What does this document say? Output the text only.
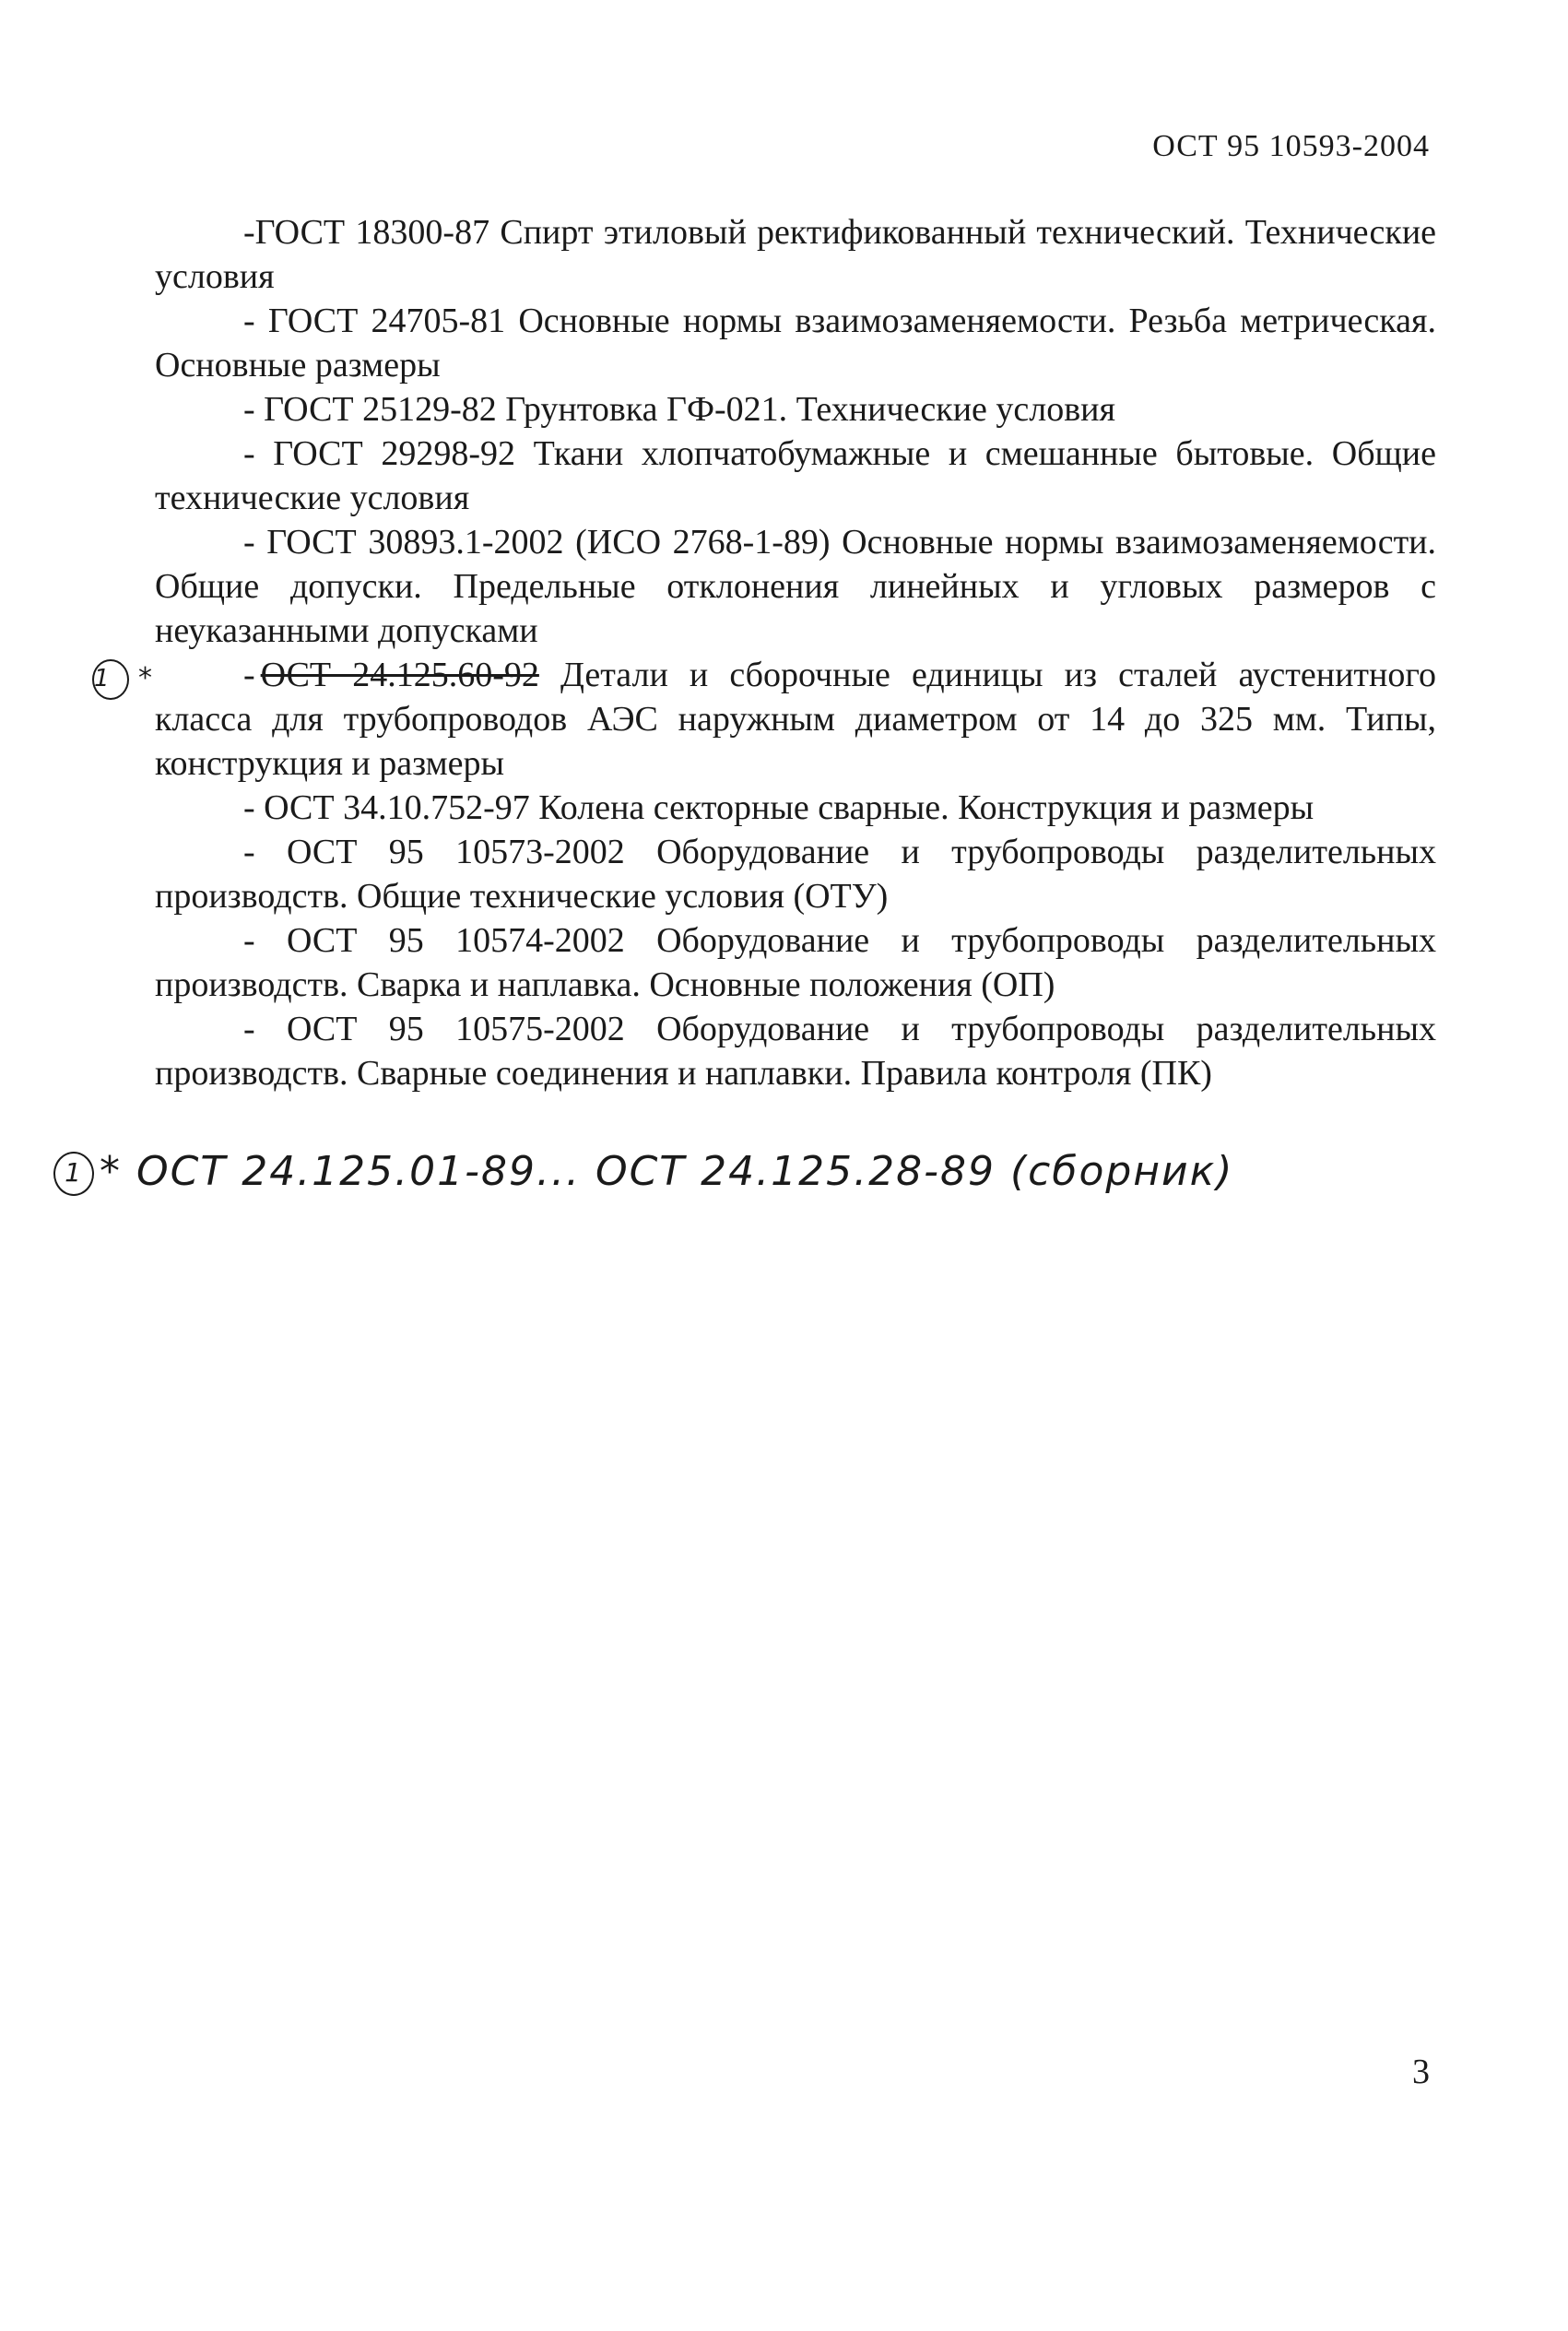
ОСТ 95 10593-2004

-ГОСТ 18300-87 Спирт этиловый ректификованный технический. Технические условия

- ГОСТ 24705-81 Основные нормы взаимозаменяемости. Резьба метрическая. Основные размеры

- ГОСТ 25129-82 Грунтовка ГФ-021. Технические условия

- ГОСТ 29298-92 Ткани хлопчатобумажные и смешанные бытовые. Общие технические условия

- ГОСТ 30893.1-2002 (ИСО 2768-1-89) Основные нормы взаимозаменяемости. Общие допуски. Предельные отклонения линейных и угловых размеров с неуказанными допусками

1 *	- ОСТ 24.125.60-92 Детали и сборочные единицы из сталей аустенитного класса для трубопроводов АЭС наружным диаметром от 14 до 325 мм. Типы, конструкция и размеры

- ОСТ 34.10.752-97 Колена секторные сварные. Конструкция и размеры

- ОСТ 95 10573-2002 Оборудование и трубопроводы разделительных производств. Общие технические условия (ОТУ)

- ОСТ 95 10574-2002 Оборудование и трубопроводы разделительных производств. Сварка и наплавка. Основные положения (ОП)

- ОСТ 95 10575-2002 Оборудование и трубопроводы разделительных производств. Сварные соединения и наплавки. Правила контроля (ПК)

1 * ОСТ 24.125.01-89... ОСТ 24.125.28-89 (сборник)
3
